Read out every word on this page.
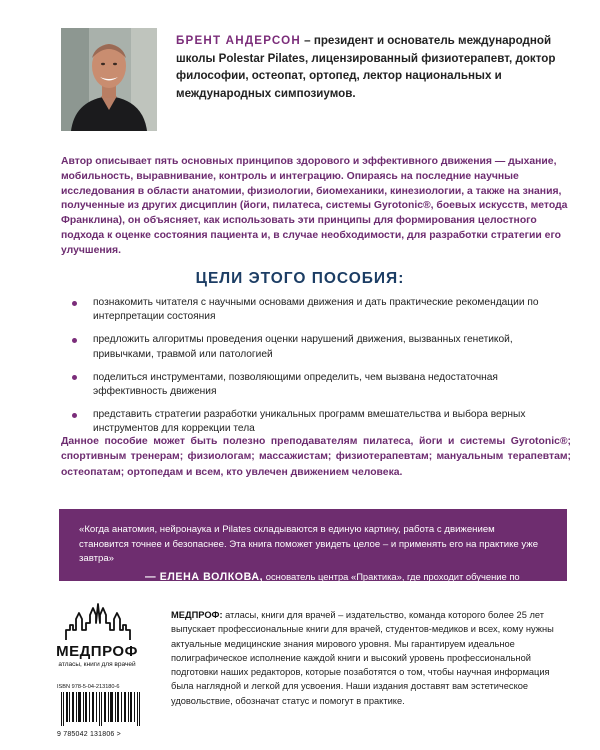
БРЕНТ АНДЕРСОН – президент и основатель международной школы Polestar Pilates, лицензированный физиотерапевт, доктор философии, остеопат, ортопед, лектор национальных и международных симпозиумов.

Автор описывает пять основных принципов здорового и эффективного движения — дыхание, мобильность, выравнивание, контроль и интеграцию. Опираясь на последние научные исследования в области анатомии, физиологии, биомеханики, кинезиологии, а также на знания, полученные из других дисциплин (йоги, пилатеса, системы Gyrotonic®, боевых искусств, метода Франклина), он объясняет, как использовать эти принципы для формирования целостного подхода к оценке состояния пациента и, в случае необходимости, для разработки стратегии его улучшения.

ЦЕЛИ ЭТОГО ПОСОБИЯ:
познакомить читателя с научными основами движения и дать практические рекомендации по интерпретации состояния
предложить алгоритмы проведения оценки нарушений движения, вызванных генетикой, привычками, травмой или патологией
поделиться инструментами, позволяющими определить, чем вызвана недостаточная эффективность движения
представить стратегии разработки уникальных программ вмешательства и выбора верных инструментов для коррекции тела

Данное пособие может быть полезно преподавателям пилатеса, йоги и системы Gyrotonic®; спортивным тренерам; физиологам; массажистам; физиотерапевтам; мануальным терапевтам; остеопатам; ортопедам и всем, кто увлечен движением человека.

«Когда анатомия, нейронаука и Pilates складываются в единую картину, работа с движением становится точнее и безопаснее. Эта книга поможет увидеть целое – и применять его на практике уже завтра»

— ЕЛЕНА ВОЛКОВА, основатель центра «Практика», где проходит обучение по методу Polestar Pilates

МЕДПРОФ
атласы, книги для врачей
ISBN 978-5-04-213180-6
9 785042 131806 >

МЕДПРОФ: атласы, книги для врачей – издательство, команда которого более 25 лет выпускает профессиональные книги для врачей, студентов-медиков и всех, кому нужны актуальные медицинские знания мирового уровня. Мы гарантируем идеальное полиграфическое исполнение каждой книги и высокий уровень профессиональной подготовки наших редакторов, которые позаботятся о том, чтобы научная информация была наглядной и легкой для усвоения. Наши издания доставят вам эстетическое удовольствие, обозначат статус и помогут в практике.
